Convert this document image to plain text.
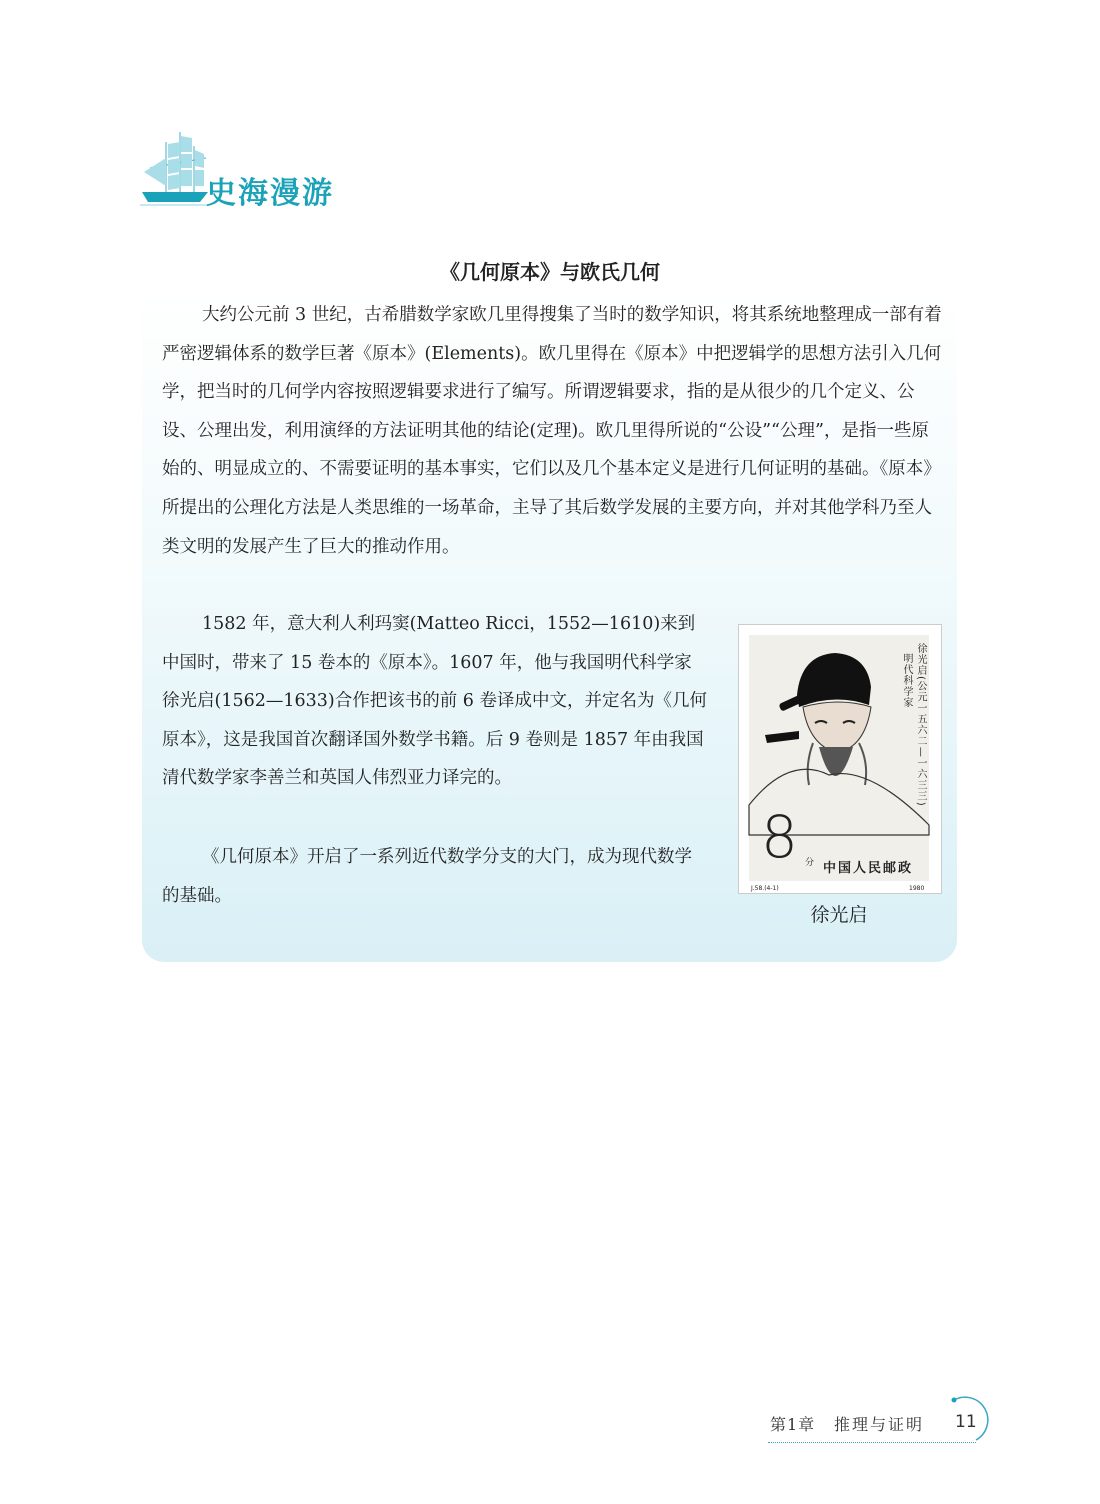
史海漫游
《几何原本》与欧氏几何

大约公元前 3 世纪，古希腊数学家欧几里得搜集了当时的数学知识，将其系统地整理成一部有着严密逻辑体系的数学巨著《原本》(Elements)。欧几里得在《原本》中把逻辑学的思想方法引入几何学，把当时的几何学内容按照逻辑要求进行了编写。所谓逻辑要求，指的是从很少的几个定义、公设、公理出发，利用演绎的方法证明其他的结论(定理)。欧几里得所说的“公设”“公理”，是指一些原始的、明显成立的、不需要证明的基本事实，它们以及几个基本定义是进行几何证明的基础。《原本》所提出的公理化方法是人类思维的一场革命，主导了其后数学发展的主要方向，并对其他学科乃至人类文明的发展产生了巨大的推动作用。

1582 年，意大利人利玛窦(Matteo Ricci，1552—1610)来到中国时，带来了 15 卷本的《原本》。1607 年，他与我国明代科学家徐光启(1562—1633)合作把该书的前 6 卷译成中文，并定名为《几何原本》，这是我国首次翻译国外数学书籍。后 9 卷则是 1857 年由我国清代数学家李善兰和英国人伟烈亚力译完的。

《几何原本》开启了一系列近代数学分支的大门，成为现代数学的基础。

徐光启(公元一五六二—一六三三)
明代科学家
8 分 中国人民邮政
J.58.(4-1)	1980
徐光启
第1章 推理与证明 11
